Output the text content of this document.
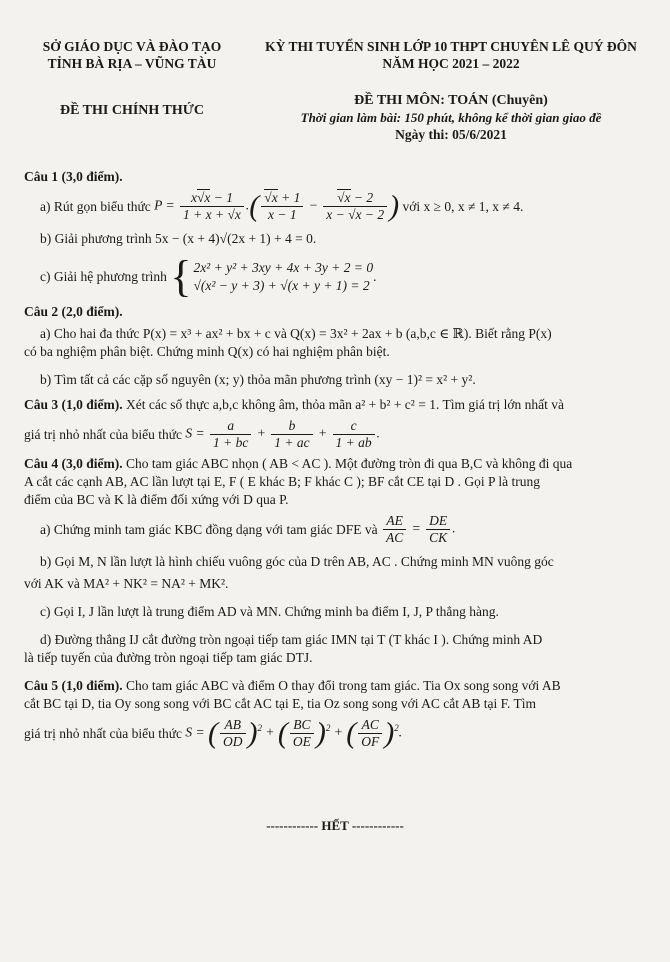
SỞ GIÁO DỤC VÀ ĐÀO TẠO
TỈNH BÀ RỊA – VŨNG TÀU
ĐỀ THI CHÍNH THỨC
KỲ THI TUYỂN SINH LỚP 10 THPT CHUYÊN LÊ QUÝ ĐÔN
NĂM HỌC 2021 – 2022
ĐỀ THI MÔN: TOÁN (Chuyên)
Thời gian làm bài: 150 phút, không kể thời gian giao đề
Ngày thi: 05/6/2021

Câu 1 (3,0 điểm).

a) Rút gọn biểu thức
$P = \frac{x√x - 1}{1 + x + √x}$ .( $\frac{√x + 1}{x - 1} - \frac{√x - 2}{x - √x - 2}$ )
với x ≥ 0, x ≠ 1, x ≠ 4.

b) Giải phương trình 5x − (x + 4)√(2x + 1) + 4 = 0.

c) Giải hệ phương trình
{ 2x² + y² + 3xy + 4x + 3y + 2 = 0
√(x² − y + 3) + √(x + y + 1) = 2
.

Câu 2 (2,0 điểm).

a) Cho hai đa thức P(x) = x³ + ax² + bx + c và Q(x) = 3x² + 2ax + b (a,b,c ∈ ℝ). Biết rằng P(x)

có ba nghiệm phân biệt. Chứng minh Q(x) có hai nghiệm phân biệt.

b) Tìm tất cả các cặp số nguyên (x; y) thỏa mãn phương trình (xy − 1)² = x² + y².

Câu 3 (1,0 điểm). Xét các số thực a,b,c không âm, thỏa mãn a² + b² + c² = 1. Tìm giá trị lớn nhất và

giá trị nhỏ nhất của biểu thức
$S = \frac{a}{1 + bc} + \frac{b}{1 + ac} + \frac{c}{1 + ab}$ .

Câu 4 (3,0 điểm). Cho tam giác ABC nhọn ( AB < AC ). Một đường tròn đi qua B,C và không đi qua

A cắt các cạnh AB, AC lần lượt tại E, F ( E khác B; F khác C ); BF cắt CE tại D . Gọi P là trung

điểm của BC và K là điểm đối xứng với D qua P.

a) Chứng minh tam giác KBC đồng dạng với tam giác DFE và
$\frac{AE}{AC} = \frac{DE}{CK}$ .

b) Gọi M, N lần lượt là hình chiếu vuông góc của D trên AB, AC . Chứng minh MN vuông góc

với AK và MA² + NK² = NA² + MK².

c) Gọi I, J lần lượt là trung điểm AD và MN. Chứng minh ba điểm I, J, P thẳng hàng.

d) Đường thẳng IJ cắt đường tròn ngoại tiếp tam giác IMN tại T (T khác I ). Chứng minh AD

là tiếp tuyến của đường tròn ngoại tiếp tam giác DTJ.

Câu 5 (1,0 điểm). Cho tam giác ABC và điểm O thay đổi trong tam giác. Tia Ox song song với AB

cắt BC tại D, tia Oy song song với BC cắt AC tại E, tia Oz song song với AC cắt AB tại F. Tìm

giá trị nhỏ nhất của biểu thức
S = ( $\frac{AB}{OD} )^2$ + ( $\frac{BC}{OE} )^2$ + ( $\frac{AC}{OF} )^2$.
------------ HẾT ------------
